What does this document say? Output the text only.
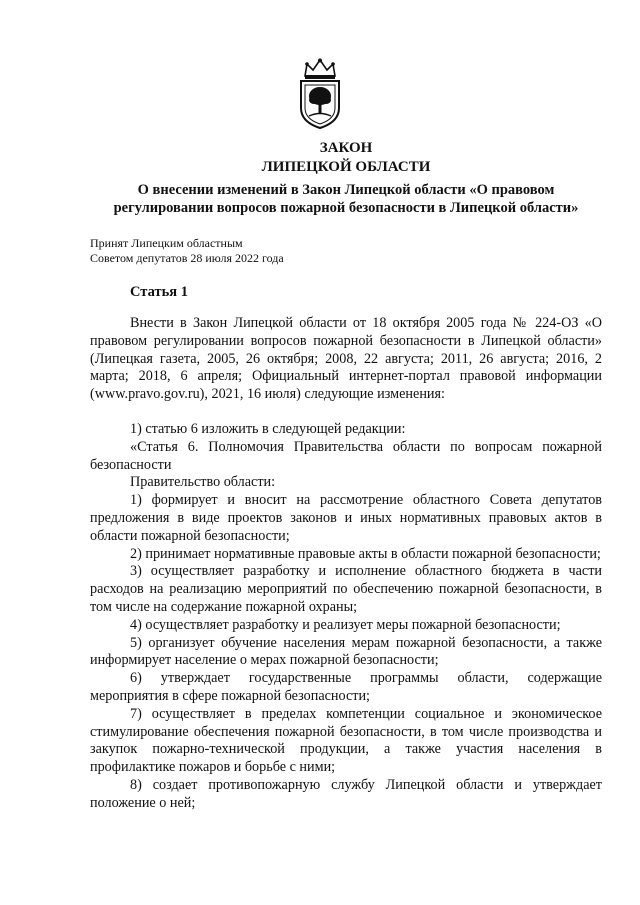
ЗАКОН
ЛИПЕЦКОЙ ОБЛАСТИ
О внесении изменений в Закон Липецкой области «О правовом регулировании вопросов пожарной безопасности в Липецкой области»
Принят Липецким областным
Советом депутатов 28 июля 2022 года
Статья 1

Внести в Закон Липецкой области от 18 октября 2005 года № 224-ОЗ «О правовом регулировании вопросов пожарной безопасности в Липецкой области» (Липецкая газета, 2005, 26 октября; 2008, 22 августа; 2011, 26 августа; 2016, 2 марта; 2018, 6 апреля; Официальный интернет-портал правовой информации (www.pravo.gov.ru), 2021, 16 июля) следующие изменения:

1) статью 6 изложить в следующей редакции:

«Статья 6. Полномочия Правительства области по вопросам пожарной безопасности

Правительство области:

1) формирует и вносит на рассмотрение областного Совета депутатов предложения в виде проектов законов и иных нормативных правовых актов в области пожарной безопасности;

2) принимает нормативные правовые акты в области пожарной безопасности;

3) осуществляет разработку и исполнение областного бюджета в части расходов на реализацию мероприятий по обеспечению пожарной безопасности, в том числе на содержание пожарной охраны;

4) осуществляет разработку и реализует меры пожарной безопасности;

5) организует обучение населения мерам пожарной безопасности, а также информирует население о мерах пожарной безопасности;

6) утверждает государственные программы области, содержащие мероприятия в сфере пожарной безопасности;

7) осуществляет в пределах компетенции социальное и экономическое стимулирование обеспечения пожарной безопасности, в том числе производства и закупок пожарно-технической продукции, а также участия населения в профилактике пожаров и борьбе с ними;

8) создает противопожарную службу Липецкой области и утверждает положение о ней;
